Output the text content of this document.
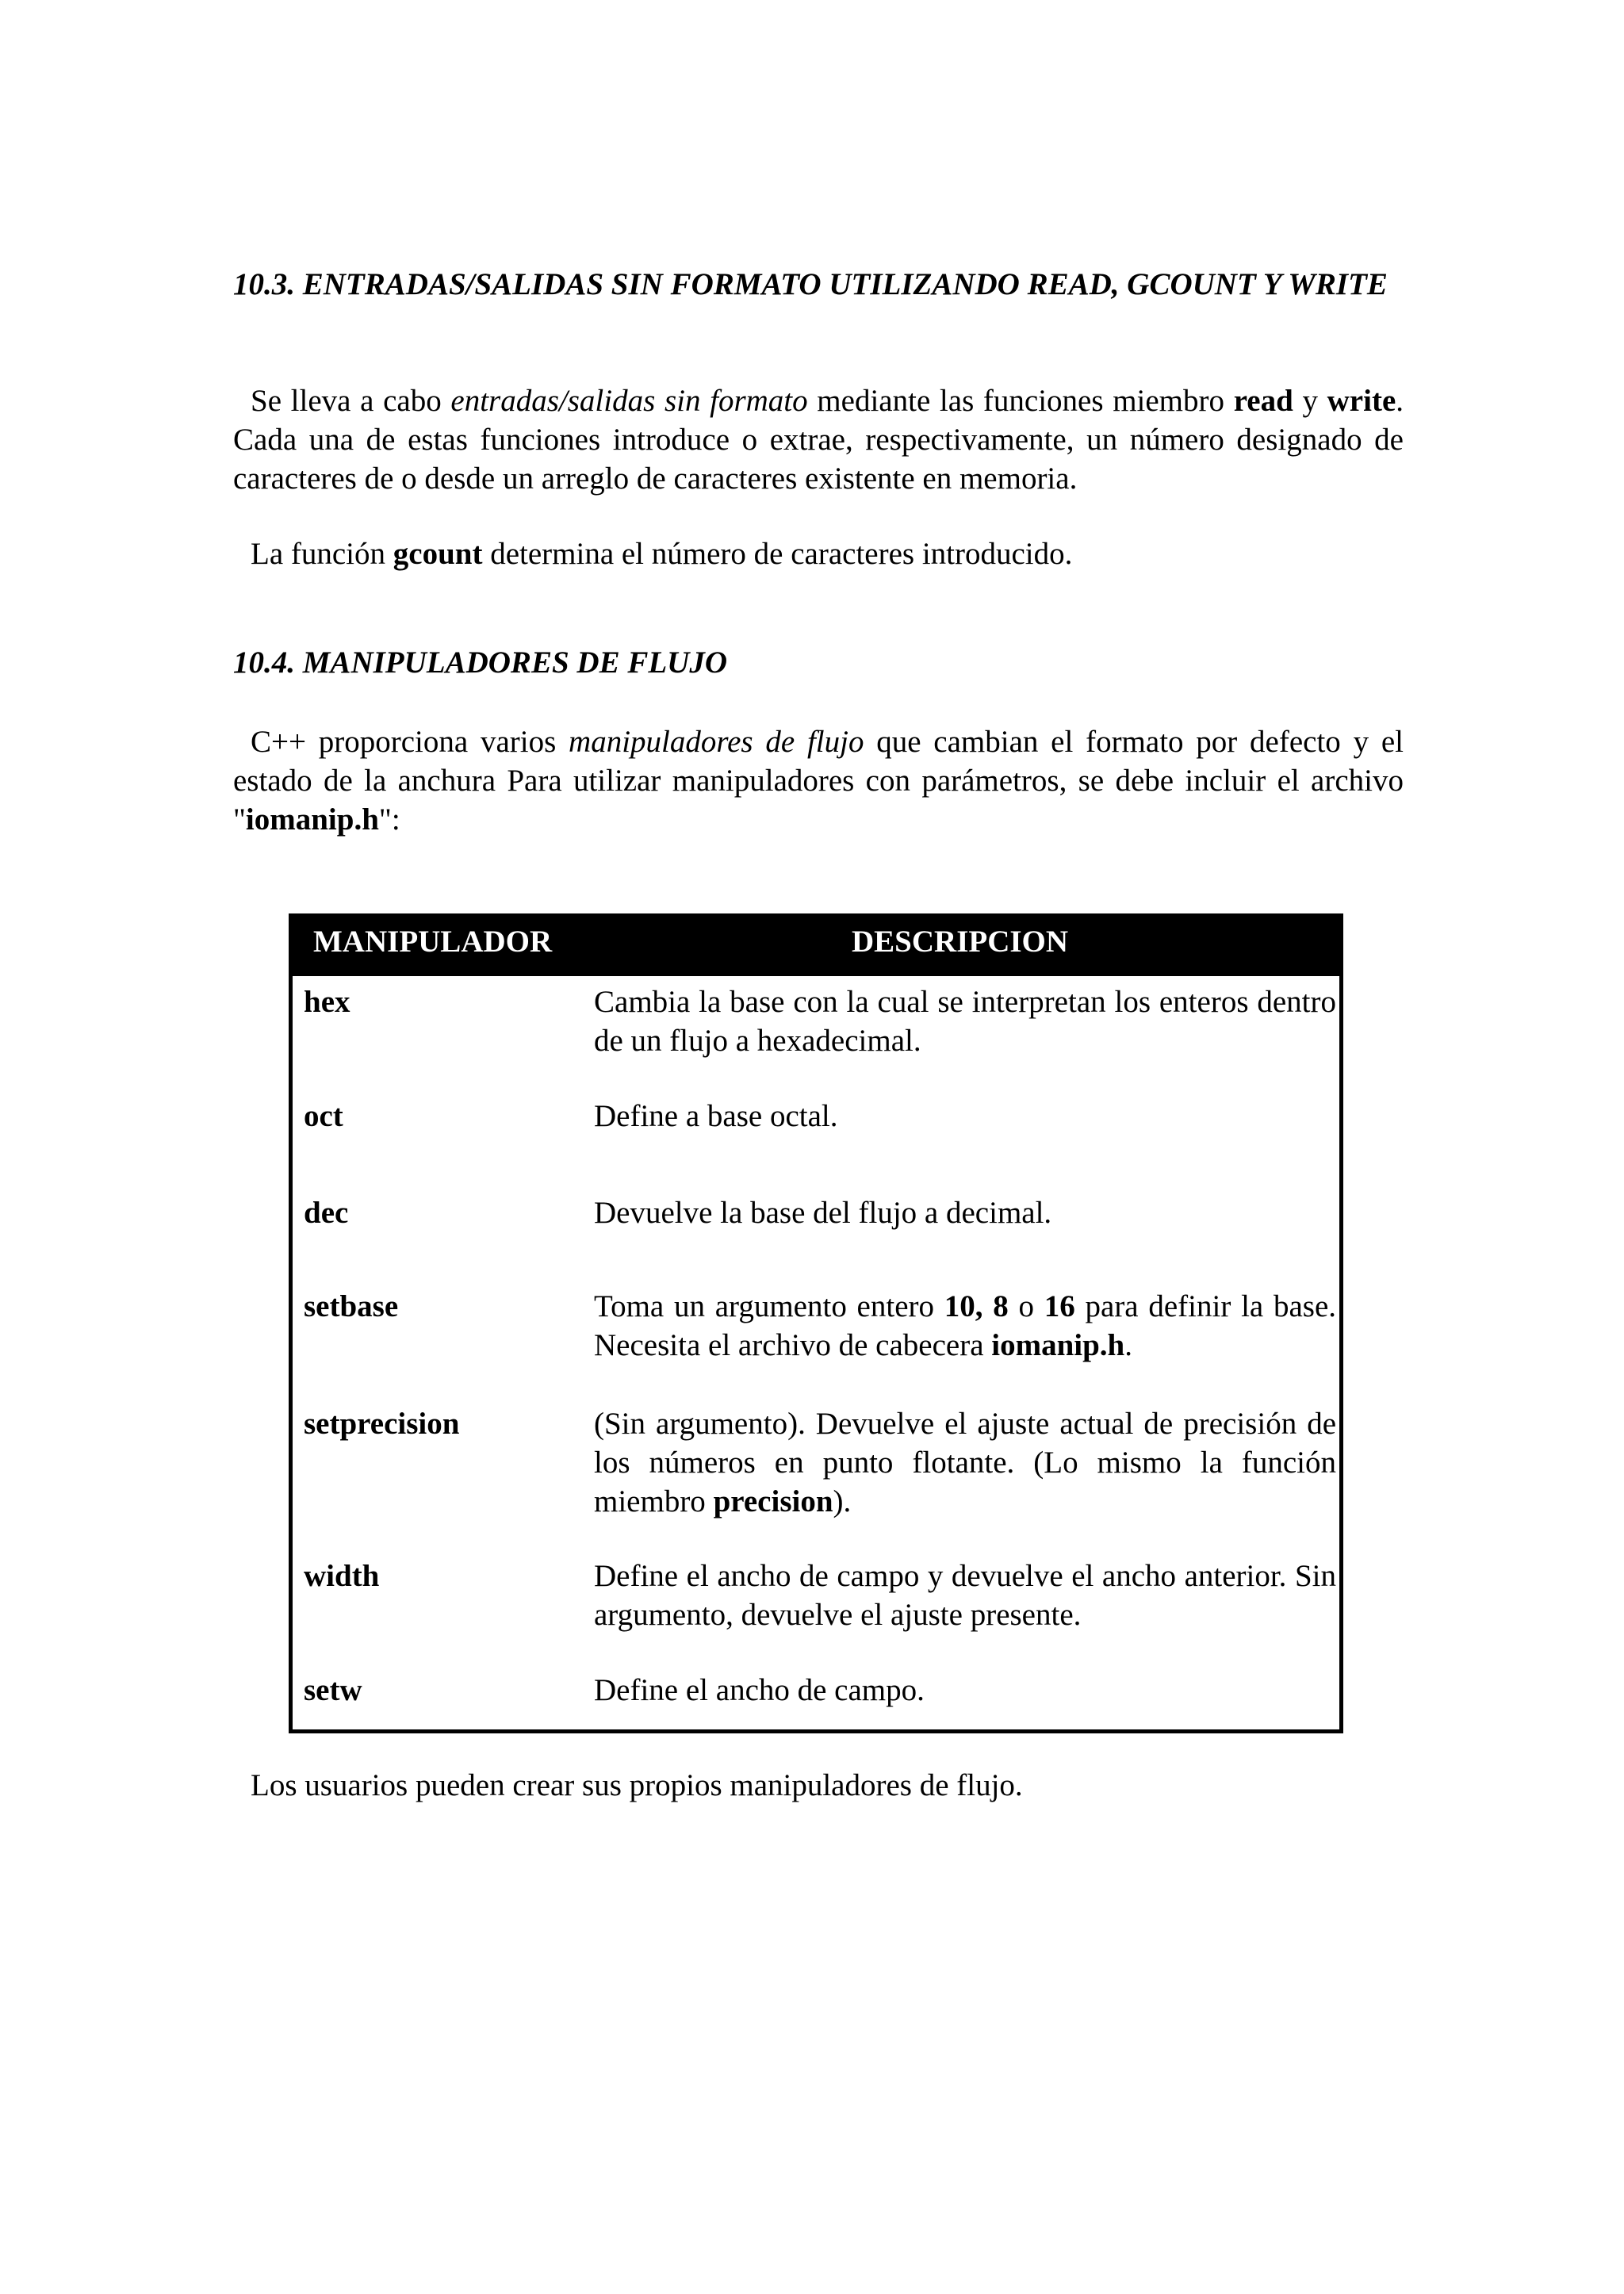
10.3. ENTRADAS/SALIDAS SIN FORMATO UTILIZANDO READ, GCOUNT Y WRITE

Se lleva a cabo entradas/salidas sin formato mediante las funciones miembro read y write. Cada una de estas funciones introduce o extrae, respectivamente, un número designado de caracteres de o desde un arreglo de caracteres existente en memoria.

La función gcount determina el número de caracteres introducido.

10.4. MANIPULADORES DE FLUJO

C++ proporciona varios manipuladores de flujo que cambian el formato por defecto y el estado de la anchura Para utilizar manipuladores con parámetros, se debe incluir el archivo "iomanip.h":

MANIPULADOR	DESCRIPCION
hex	Cambia la base con la cual se interpretan los enteros dentro de un flujo a hexadecimal.
oct	Define a base octal.
dec	Devuelve la base del flujo a decimal.
setbase	Toma un argumento entero 10, 8 o 16 para definir la base. Necesita el archivo de cabecera iomanip.h.
setprecision	(Sin argumento). Devuelve el ajuste actual de precisión de los números en punto flotante. (Lo mismo la función miembro precision).
width	Define el ancho de campo y devuelve el ancho anterior. Sin argumento, devuelve el ajuste presente.
setw	Define el ancho de campo.

Los usuarios pueden crear sus propios manipuladores de flujo.
